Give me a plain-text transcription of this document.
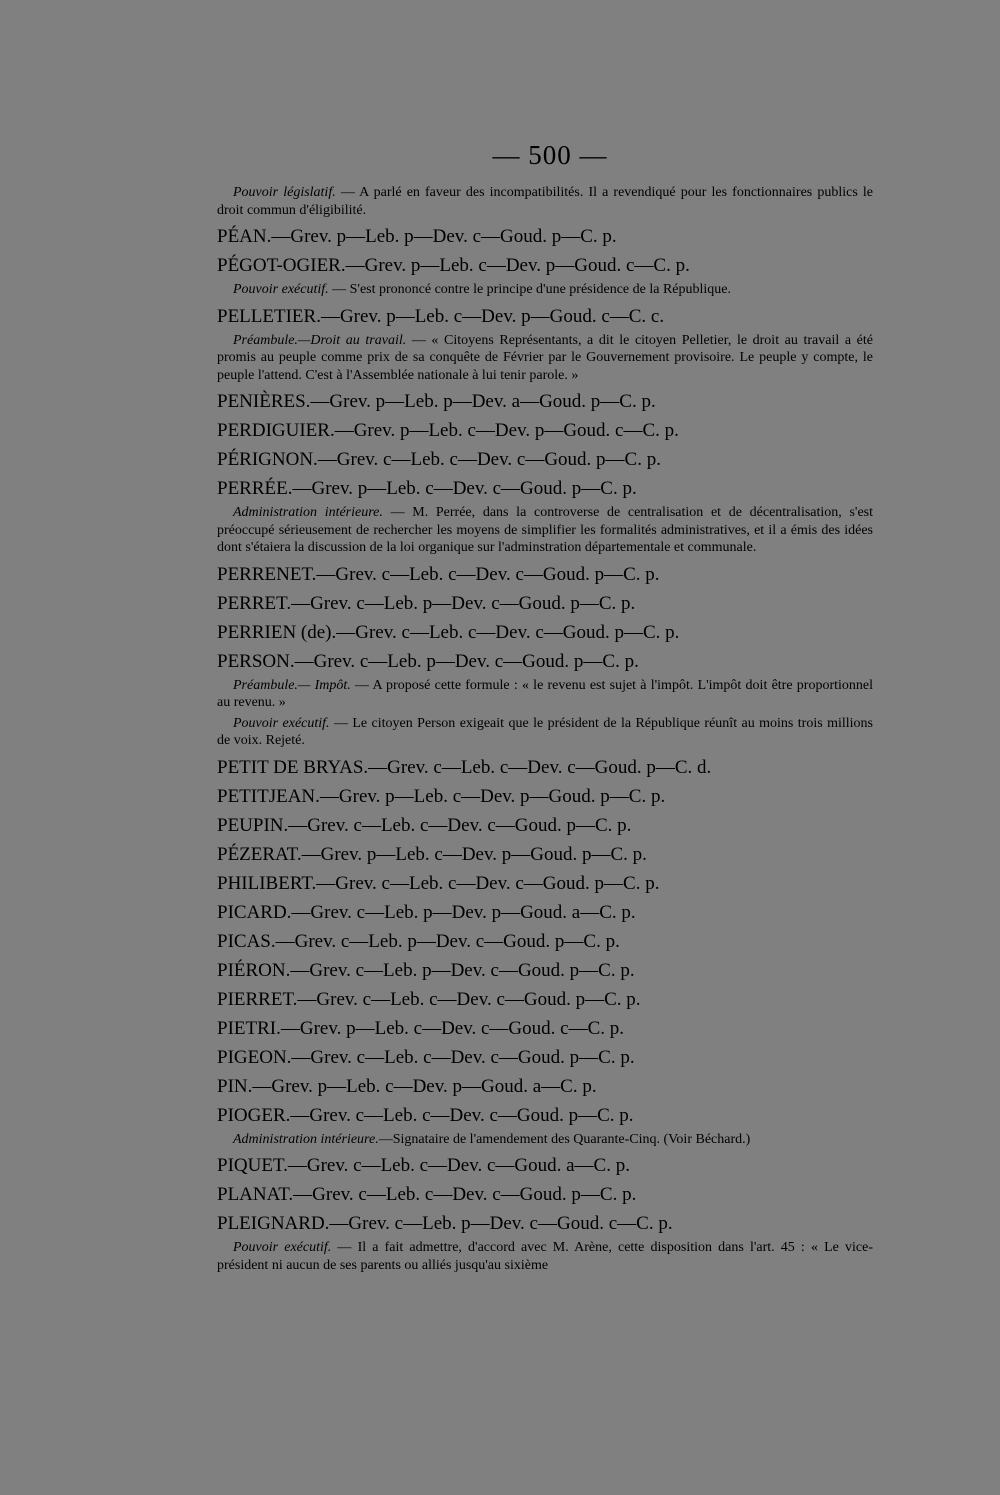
— 500 —
Pouvoir législatif. — A parlé en faveur des incompatibilités. Il a revendiqué pour les fonctionnaires publics le droit commun d'éligibilité.
PÉAN.—Grev. p—Leb. p—Dev. c—Goud. p—C. p.
PÉGOT-OGIER.—Grev. p—Leb. c—Dev. p—Goud. c—C. p.
Pouvoir exécutif. — S'est prononcé contre le principe d'une présidence de la République.
PELLETIER.—Grev. p—Leb. c—Dev. p—Goud. c—C. c.
Préambule.—Droit au travail. — « Citoyens Représentants, a dit le citoyen Pelletier, le droit au travail a été promis au peuple comme prix de sa conquête de Février par le Gouvernement provisoire. Le peuple y compte, le peuple l'attend. C'est à l'Assemblée nationale à lui tenir parole. »
PENIÈRES.—Grev. p—Leb. p—Dev. a—Goud. p—C. p.
PERDIGUIER.—Grev. p—Leb. c—Dev. p—Goud. c—C. p.
PÉRIGNON.—Grev. c—Leb. c—Dev. c—Goud. p—C. p.
PERRÉE.—Grev. p—Leb. c—Dev. c—Goud. p—C. p.
Administration intérieure. — M. Perrée, dans la controverse de centralisation et de décentralisation, s'est préoccupé sérieusement de rechercher les moyens de simplifier les formalités administratives, et il a émis des idées dont s'étaiera la discussion de la loi organique sur l'adminstration départementale et communale.
PERRENET.—Grev. c—Leb. c—Dev. c—Goud. p—C. p.
PERRET.—Grev. c—Leb. p—Dev. c—Goud. p—C. p.
PERRIEN (de).—Grev. c—Leb. c—Dev. c—Goud. p—C. p.
PERSON.—Grev. c—Leb. p—Dev. c—Goud. p—C. p.
Préambule.— Impôt. — A proposé cette formule : « le revenu est sujet à l'impôt. L'impôt doit être proportionnel au revenu. »
Pouvoir exécutif. — Le citoyen Person exigeait que le président de la République réunît au moins trois millions de voix. Rejeté.
PETIT DE BRYAS.—Grev. c—Leb. c—Dev. c—Goud. p—C. d.
PETITJEAN.—Grev. p—Leb. c—Dev. p—Goud. p—C. p.
PEUPIN.—Grev. c—Leb. c—Dev. c—Goud. p—C. p.
PÉZERAT.—Grev. p—Leb. c—Dev. p—Goud. p—C. p.
PHILIBERT.—Grev. c—Leb. c—Dev. c—Goud. p—C. p.
PICARD.—Grev. c—Leb. p—Dev. p—Goud. a—C. p.
PICAS.—Grev. c—Leb. p—Dev. c—Goud. p—C. p.
PIÉRON.—Grev. c—Leb. p—Dev. c—Goud. p—C. p.
PIERRET.—Grev. c—Leb. c—Dev. c—Goud. p—C. p.
PIETRI.—Grev. p—Leb. c—Dev. c—Goud. c—C. p.
PIGEON.—Grev. c—Leb. c—Dev. c—Goud. p—C. p.
PIN.—Grev. p—Leb. c—Dev. p—Goud. a—C. p.
PIOGER.—Grev. c—Leb. c—Dev. c—Goud. p—C. p.
Administration intérieure.—Signataire de l'amendement des Quarante-Cinq. (Voir Béchard.)
PIQUET.—Grev. c—Leb. c—Dev. c—Goud. a—C. p.
PLANAT.—Grev. c—Leb. c—Dev. c—Goud. p—C. p.
PLEIGNARD.—Grev. c—Leb. p—Dev. c—Goud. c—C. p.
Pouvoir exécutif. — Il a fait admettre, d'accord avec M. Arène, cette disposition dans l'art. 45 : « Le vice-président ni aucun de ses parents ou alliés jusqu'au sixième
